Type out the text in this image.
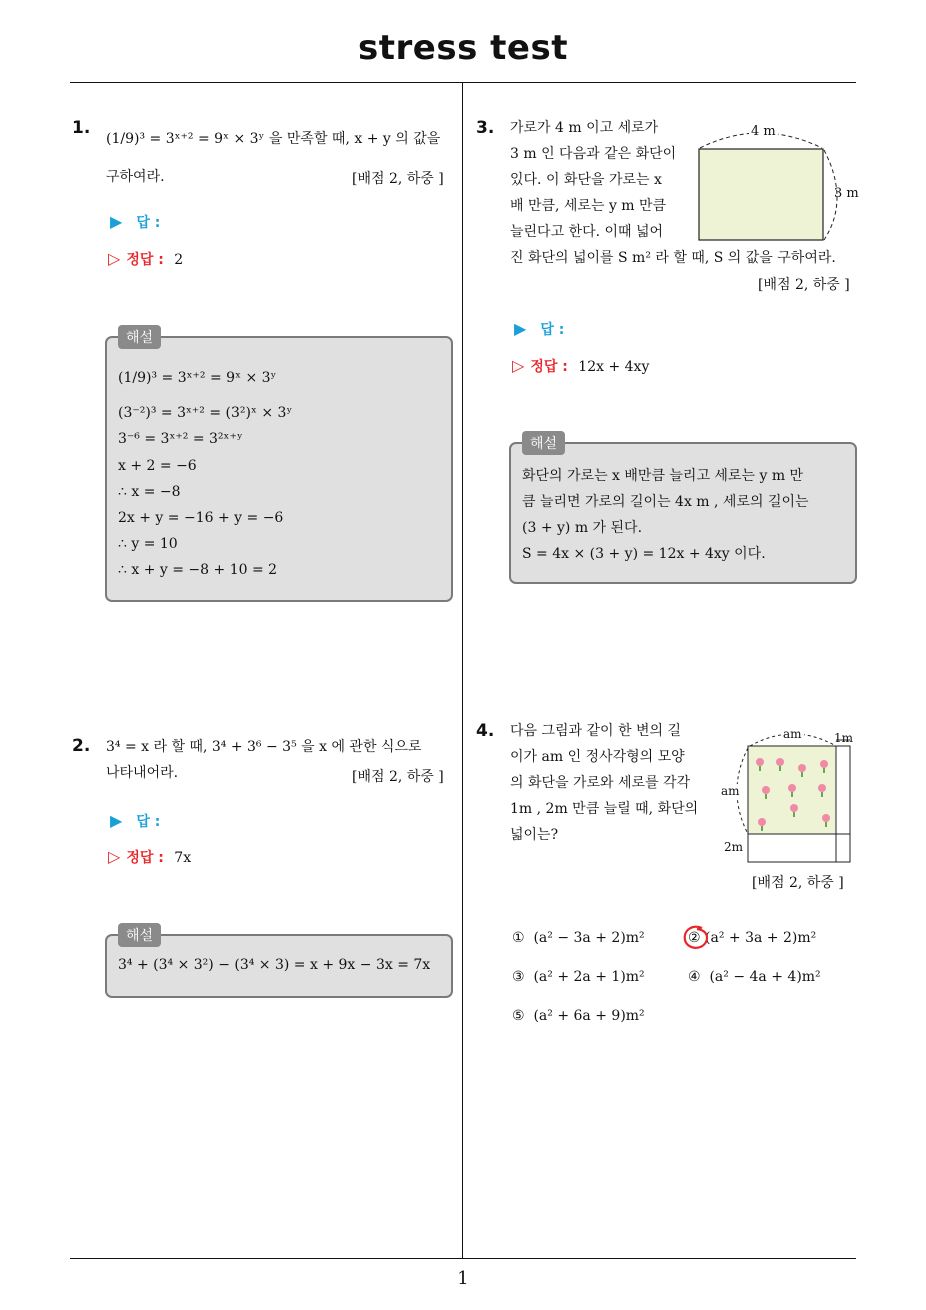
stress test
1
1.
(1/9)³ = 3ˣ⁺² = 9ˣ × 3ʸ 을 만족할 때, x + y 의 값을
구하여라.	[배점 2, 하중 ]
▶ 답 :
▷ 정답 : 2
해설
(1/9)³ = 3ˣ⁺² = 9ˣ × 3ʸ
(3⁻²)³ = 3ˣ⁺² = (3²)ˣ × 3ʸ
3⁻⁶ = 3ˣ⁺² = 3²ˣ⁺ʸ
x + 2 = −6
∴ x = −8
2x + y = −16 + y = −6
∴ y = 10
∴ x + y = −8 + 10 = 2
2. 3⁴ = x 라 할 때, 3⁴ + 3⁶ − 3⁵ 을 x 에 관한 식으로
나타내어라.	[배점 2, 하중 ]
▶ 답 :
▷ 정답 : 7x
해설
3⁴ + (3⁴ × 3²) − (3⁴ × 3) = x + 9x − 3x = 7x
3. 가로가 4 m 이고 세로가
3 m 인 다음과 같은 화단이
있다. 이 화단을 가로는 x
배 만큼, 세로는 y m 만큼
늘린다고 한다. 이때 넓어
진 화단의 넓이를 S m² 라 할 때, S 의 값을 구하여라.
[배점 2, 하중 ]
4 m
3 m
▶ 답 :
▷ 정답 : 12x + 4xy
해설
화단의 가로는 x 배만큼 늘리고 세로는 y m 만
큼 늘리면 가로의 길이는 4x m , 세로의 길이는
(3 + y) m 가 된다.
S = 4x × (3 + y) = 12x + 4xy 이다.
4. 다음 그림과 같이 한 변의 길
이가 am 인 정사각형의 모양
의 화단을 가로와 세로를 각각
1m , 2m 만큼 늘릴 때, 화단의
넓이는?
[배점 2, 하중 ]
am	1m
am
2m
① (a² − 3a + 2)m²	② (a² + 3a + 2)m²
③ (a² + 2a + 1)m²	④ (a² − 4a + 4)m²
⑤ (a² + 6a + 9)m²
